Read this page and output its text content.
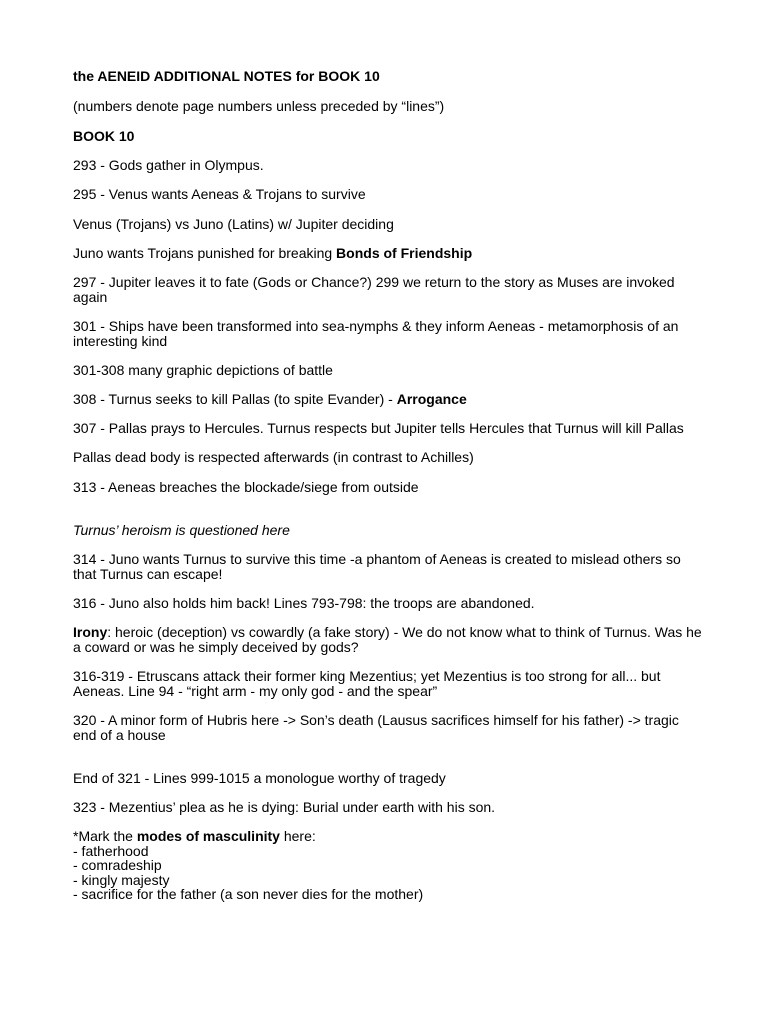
the AENEID ADDITIONAL NOTES for BOOK 10
(numbers denote page numbers unless preceded by “lines”)
BOOK 10
293 - Gods gather in Olympus.
295 - Venus wants Aeneas & Trojans to survive
Venus (Trojans) vs Juno (Latins) w/ Jupiter deciding
Juno wants Trojans punished for breaking Bonds of Friendship
297 - Jupiter leaves it to fate (Gods or Chance?) 299 we return to the story as Muses are invoked again
301 - Ships have been transformed into sea-nymphs & they inform Aeneas - metamorphosis of an interesting kind
301-308 many graphic depictions of battle
308 - Turnus seeks to kill Pallas (to spite Evander) - Arrogance
307 - Pallas prays to Hercules. Turnus respects but Jupiter tells Hercules that Turnus will kill Pallas
Pallas dead body is respected afterwards (in contrast to Achilles)
313 - Aeneas breaches the blockade/siege from outside
Turnus’ heroism is questioned here
314 - Juno wants Turnus to survive this time -a phantom of Aeneas is created to mislead others so that Turnus can escape!
316 - Juno also holds him back! Lines 793-798: the troops are abandoned.
Irony: heroic (deception) vs cowardly (a fake story) - We do not know what to think of Turnus. Was he a coward or was he simply deceived by gods?
316-319 - Etruscans attack their former king Mezentius; yet Mezentius is too strong for all... but Aeneas. Line 94 - “right arm - my only god - and the spear”
320 - A minor form of Hubris here -> Son’s death (Lausus sacrifices himself for his father) -> tragic end of a house
End of 321 - Lines 999-1015 a monologue worthy of tragedy
323 - Mezentius’ plea as he is dying: Burial under earth with his son.
*Mark the modes of masculinity here:
- fatherhood
- comradeship
- kingly majesty
- sacrifice for the father (a son never dies for the mother)
